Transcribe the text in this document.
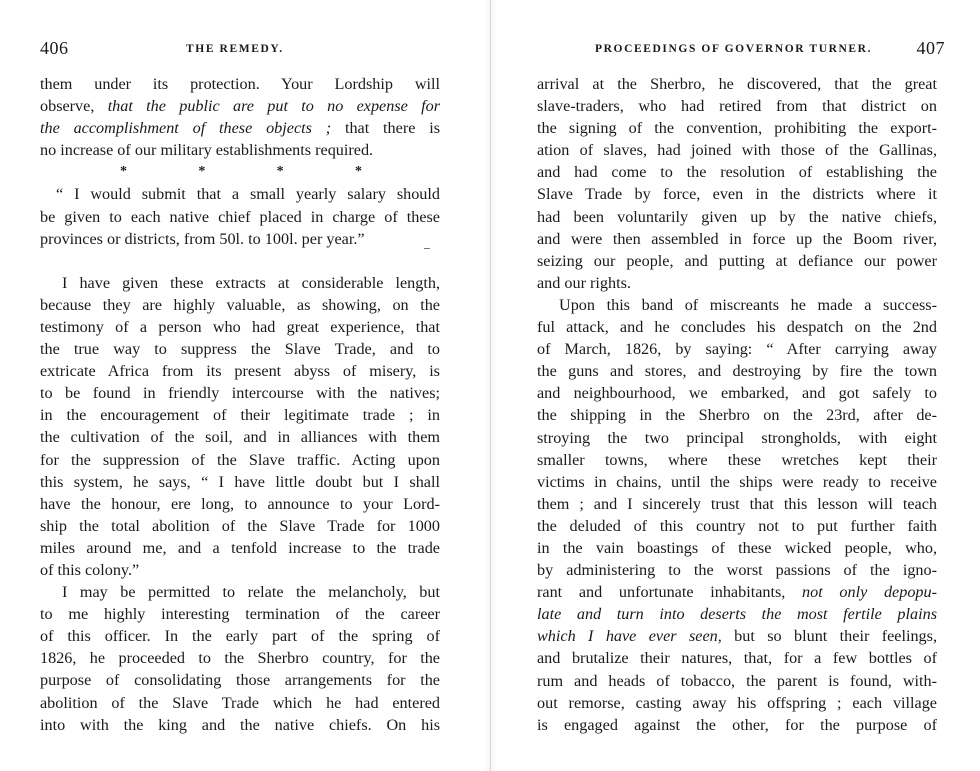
406	THE REMEDY.
them under its protection. Your Lordship will
observe, that the public are put to no expense for
the accomplishment of these objects ; that there is
no increase of our military establishments required.
*	*	*	*
“ I would submit that a small yearly salary should
be given to each native chief placed in charge of these
provinces or districts, from 50l. to 100l. per year.”
I have given these extracts at considerable length,
because they are highly valuable, as showing, on the
testimony of a person who had great experience, that
the true way to suppress the Slave Trade, and to
extricate Africa from its present abyss of misery, is
to be found in friendly intercourse with the natives;
in the encouragement of their legitimate trade ; in
the cultivation of the soil, and in alliances with them
for the suppression of the Slave traffic. Acting upon
this system, he says, “ I have little doubt but I shall
have the honour, ere long, to announce to your Lord-
ship the total abolition of the Slave Trade for 1000
miles around me, and a tenfold increase to the trade
of this colony.”
I may be permitted to relate the melancholy, but
to me highly interesting termination of the career
of this officer. In the early part of the spring of
1826, he proceeded to the Sherbro country, for the
purpose of consolidating those arrangements for the
abolition of the Slave Trade which he had entered
into with the king and the native chiefs. On his
PROCEEDINGS OF GOVERNOR TURNER. 407
arrival at the Sherbro, he discovered, that the great
slave-traders, who had retired from that district on
the signing of the convention, prohibiting the export-
ation of slaves, had joined with those of the Gallinas,
and had come to the resolution of establishing the
Slave Trade by force, even in the districts where it
had been voluntarily given up by the native chiefs,
and were then assembled in force up the Boom river,
seizing our people, and putting at defiance our power
and our rights.
Upon this band of miscreants he made a success-
ful attack, and he concludes his despatch on the 2nd
of March, 1826, by saying: “ After carrying away
the guns and stores, and destroying by fire the town
and neighbourhood, we embarked, and got safely to
the shipping in the Sherbro on the 23rd, after de-
stroying the two principal strongholds, with eight
smaller towns, where these wretches kept their
victims in chains, until the ships were ready to receive
them ; and I sincerely trust that this lesson will teach
the deluded of this country not to put further faith
in the vain boastings of these wicked people, who,
by administering to the worst passions of the igno-
rant and unfortunate inhabitants, not only depopu-
late and turn into deserts the most fertile plains
which I have ever seen, but so blunt their feelings,
and brutalize their natures, that, for a few bottles of
rum and heads of tobacco, the parent is found, with-
out remorse, casting away his offspring ; each village
is engaged against the other, for the purpose of
